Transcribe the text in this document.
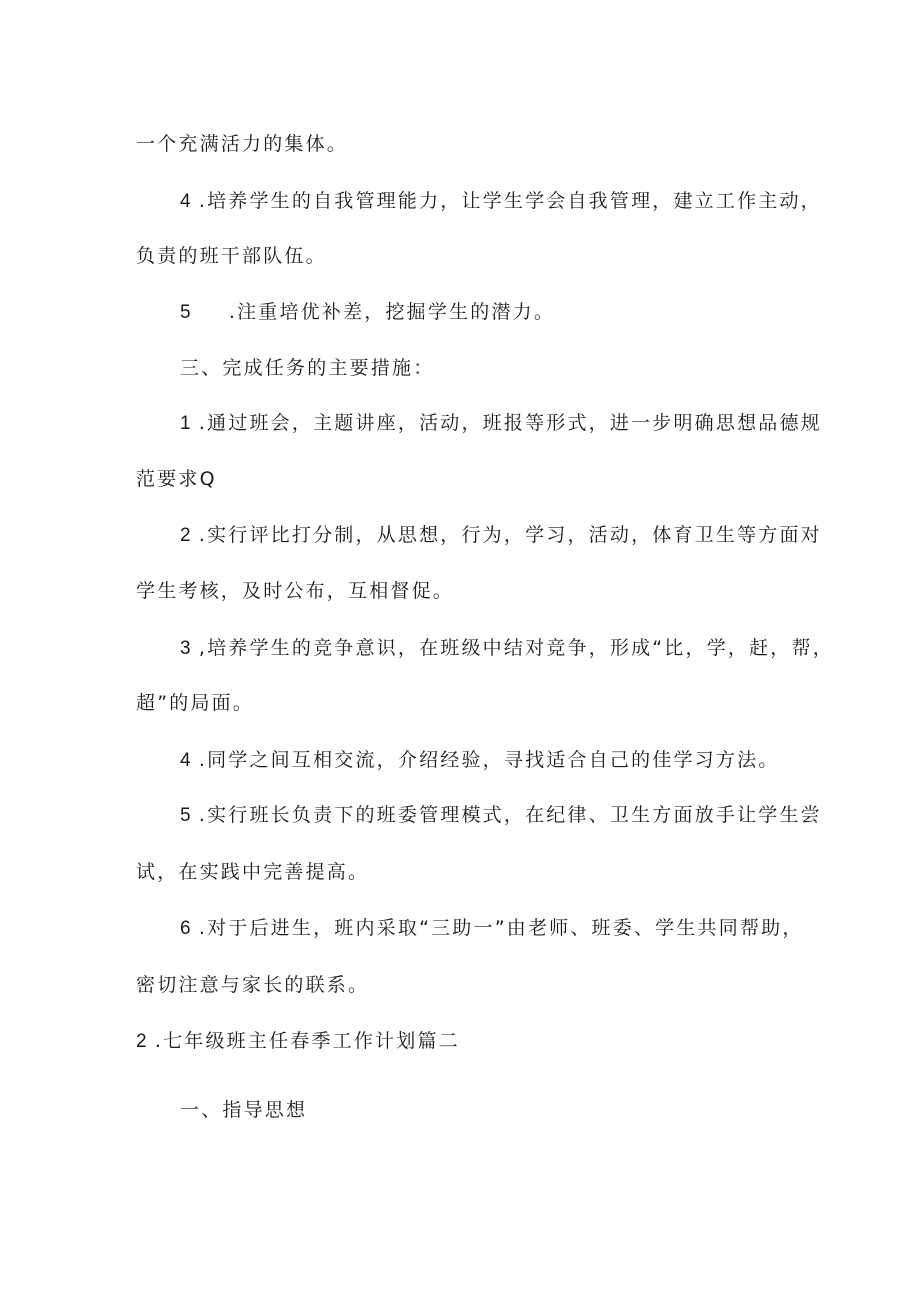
一个充满活力的集体。
4 .培养学生的自我管理能力，让学生学会自我管理，建立工作主动，
负责的班干部队伍。
5 .注重培优补差，挖掘学生的潜力。
三、完成任务的主要措施：
1 .通过班会，主题讲座，活动，班报等形式，进一步明确思想品德规
范要求Q
2 .实行评比打分制，从思想，行为，学习，活动，体育卫生等方面对
学生考核，及时公布，互相督促。
3 ,培养学生的竞争意识，在班级中结对竞争，形成“比，学，赶，帮，
超”的局面。
4 .同学之间互相交流，介绍经验，寻找适合自己的佳学习方法。
5 .实行班长负责下的班委管理模式，在纪律、卫生方面放手让学生尝
试，在实践中完善提高。
6 .对于后进生，班内采取“三助一”由老师、班委、学生共同帮助，
密切注意与家长的联系。
2 .七年级班主任春季工作计划篇二
一、指导思想
